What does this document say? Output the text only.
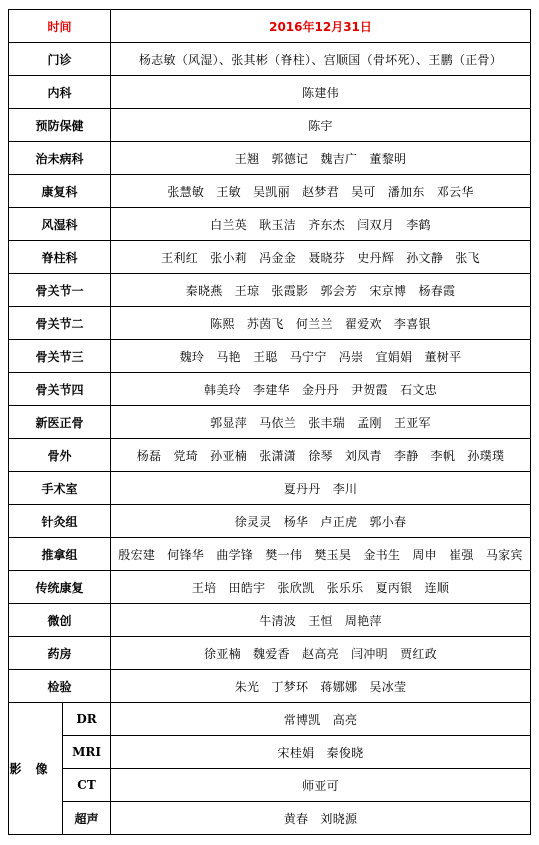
时间		2016年12月31日
门诊		杨志敏（风湿）、张其彬（脊柱）、宫顺国（骨坏死）、王鹏（正骨）
内科		陈建伟
预防保健		陈宇
治未病科		王翘 郭德记 魏吉广 董黎明
康复科		张慧敏 王敏 吴凯丽 赵梦君 吴可 潘加东 邓云华
风湿科		白兰英 耿玉洁 齐东杰 闫双月 李鹤
脊柱科		王利红 张小莉 冯金金 聂晓芬 史丹辉 孙文静 张飞
骨关节一		秦晓燕 王琼 张霞影 郭会芳 宋京博 杨春霞
骨关节二		陈熙 苏茵飞 何兰兰 翟爱欢 李喜银
骨关节三		魏玲 马艳 王聪 马宁宁 冯崇 宜娟娟 董树平
骨关节四		韩美玲 李建华 金丹丹 尹贺霞 石文忠
新医正骨		郭显萍 马依兰 张丰瑞 孟刚 王亚军
骨外		杨磊 党琦 孙亚楠 张潇潇 徐琴 刘凤青 李静 李帆 孙璞璞
手术室		夏丹丹 李川
针灸组		徐灵灵 杨华 卢正虎 郭小春
推拿组		殷宏建 何锋华 曲学锋 樊一伟 樊玉昊 金书生 周申 崔强 马家宾
传统康复		王培 田皓宇 张欣凯 张乐乐 夏丙银 连顺
微创		牛清波 王恒 周艳萍
药房		徐亚楠 魏爱香 赵高亮 闫冲明 贾红政
检验		朱光 丁梦环 蒋娜娜 吴冰莹
影像	DR	常博凯 高亮
	MRI	宋桂娟 秦俊晓
	CT	师亚可
	超声	黄春 刘晓源
